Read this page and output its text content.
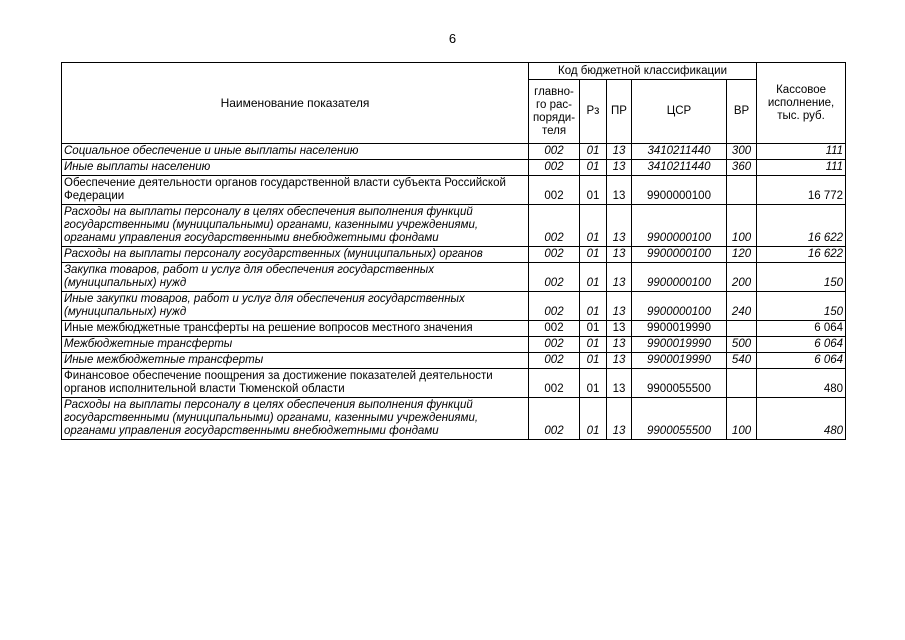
6
Наименование показателя	Код бюджетной классификации					Кассовое исполнение, тыс. руб.
	главно-го рас-поряди-теля	Рз	ПР	ЦСР	ВР	
Социальное обеспечение и иные выплаты населению	002	01	13	3410211440	300	111
Иные выплаты населению	002	01	13	3410211440	360	111
Обеспечение деятельности органов государственной власти субъекта Российской Федерации	002	01	13	9900000100		16 772
Расходы на выплаты персоналу в целях обеспечения выполнения функций государственными (муниципальными) органами, казенными учреждениями, органами управления государственными внебюджетными фондами	002	01	13	9900000100	100	16 622
Расходы на выплаты персоналу государственных (муниципальных) органов	002	01	13	9900000100	120	16 622
Закупка товаров, работ и услуг для обеспечения государственных (муниципальных) нужд	002	01	13	9900000100	200	150
Иные закупки товаров, работ и услуг для обеспечения государственных (муниципальных) нужд	002	01	13	9900000100	240	150
Иные межбюджетные трансферты на решение вопросов местного значения	002	01	13	9900019990		6 064
Межбюджетные трансферты	002	01	13	9900019990	500	6 064
Иные межбюджетные трансферты	002	01	13	9900019990	540	6 064
Финансовое обеспечение поощрения за достижение показателей деятельности органов исполнительной власти Тюменской области	002	01	13	9900055500		480
Расходы на выплаты персоналу в целях обеспечения выполнения функций государственными (муниципальными) органами, казенными учреждениями, органами управления государственными внебюджетными фондами	002	01	13	9900055500	100	480
